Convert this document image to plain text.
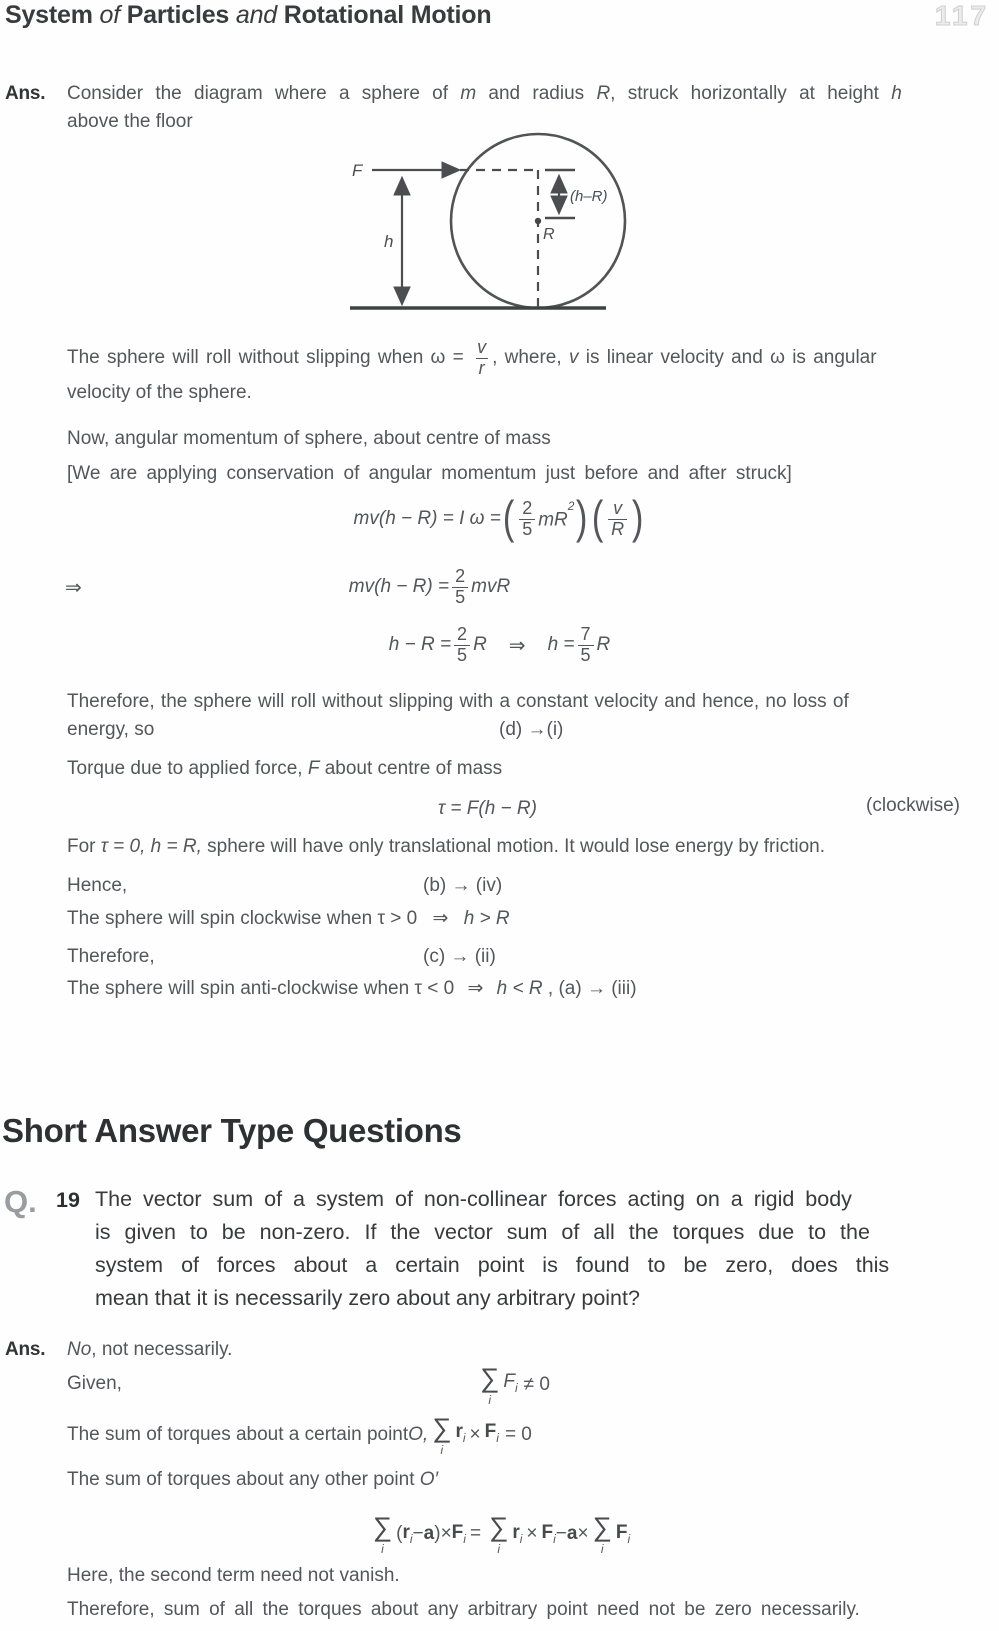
System of Particles and Rotational Motion	117
Ans. Consider the diagram where a sphere of m and radius R, struck horizontally at height h
above the floor
F
h	R
(h–R)
The sphere will roll without slipping when $\omega = \frac{v}{r}$ , where, v is linear velocity and ω is angular
velocity of the sphere.
Now, angular momentum of sphere, about centre of mass
[We are applying conservation of angular momentum just before and after struck]
mv(h − R) = I ω = ( 2
5 $mR^2$ ) ( v
R )
⇒	$mv(h - R) = \frac{2}{5}$ mvR
$h - R = \frac{2}{5}$ R ⇒ $h = \frac{7}{5}$ R
Therefore, the sphere will roll without slipping with a constant velocity and hence, no loss of
energy, so	(d) →(i)
Torque due to applied force, F about centre of mass
τ = F(h − R)	(clockwise)
For τ = 0, h = R, sphere will have only translational motion. It would lose energy by friction.
Hence,	(b) → (iv)
The sphere will spin clockwise when τ > 0 ⇒ h > R
Therefore,	(c) → (ii)
The sphere will spin anti-clockwise when τ < 0 ⇒ h < R , (a) → (iii)
Short Answer Type Questions
Q. 19 The vector sum of a system of non-collinear forces acting on a rigid body
is given to be non-zero. If the vector sum of all the torques due to the
system of forces about a certain point is found to be zero, does this
mean that it is necessarily zero about any arbitrary point?
Ans. No, not necessarily.
Given,	∑
i
$F_i \ne 0$
The sum of torques about a certain point O, ∑
i
$r_i \times F_i = 0$
The sum of torques about any other point O′
∑
i
( $r_i - a$ ) × $F_i$ = ∑
i
$r_i \times F_i - a$ × ∑
i
$F_i$
Here, the second term need not vanish.
Therefore, sum of all the torques about any arbitrary point need not be zero necessarily.
